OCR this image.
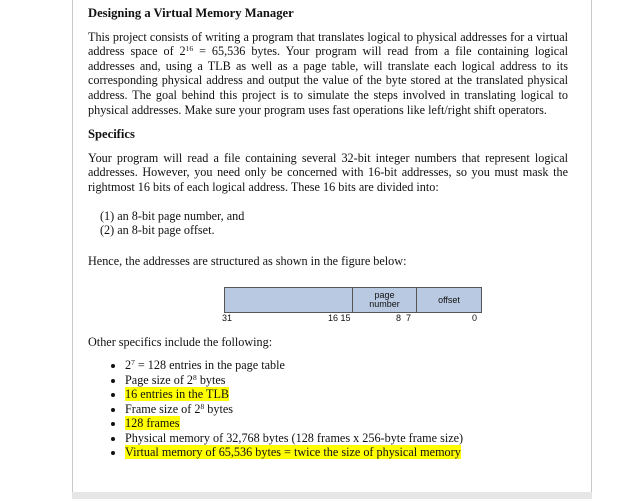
Designing a Virtual Memory Manager

This project consists of writing a program that translates logical to physical addresses for a virtual address space of $2^{16} = 65,536$ bytes. Your program will read from a file containing logical addresses and, using a TLB as well as a page table, will translate each logical address to its corresponding physical address and output the value of the byte stored at the translated physical address. The goal behind this project is to simulate the steps involved in translating logical to physical addresses. Make sure your program uses fast operations like left/right shift operators.

Specifics

Your program will read a file containing several 32-bit integer numbers that represent logical addresses. However, you need only be concerned with 16-bit addresses, so you must mask the rightmost 16 bits of each logical address. These 16 bits are divided into:

(1) an 8-bit page number, and
(2) an 8-bit page offset.

Hence, the addresses are structured as shown in the figure below:

page
number	offset
31	16 15	8  7	0

Other specifics include the following:

• $2^7 = 128$ entries in the page table
• Page size of $2^8$ bytes
• 16 entries in the TLB
• Frame size of $2^8$ bytes
• 128 frames
• Physical memory of 32,768 bytes (128 frames x 256-byte frame size)
• Virtual memory of 65,536 bytes = twice the size of physical memory
